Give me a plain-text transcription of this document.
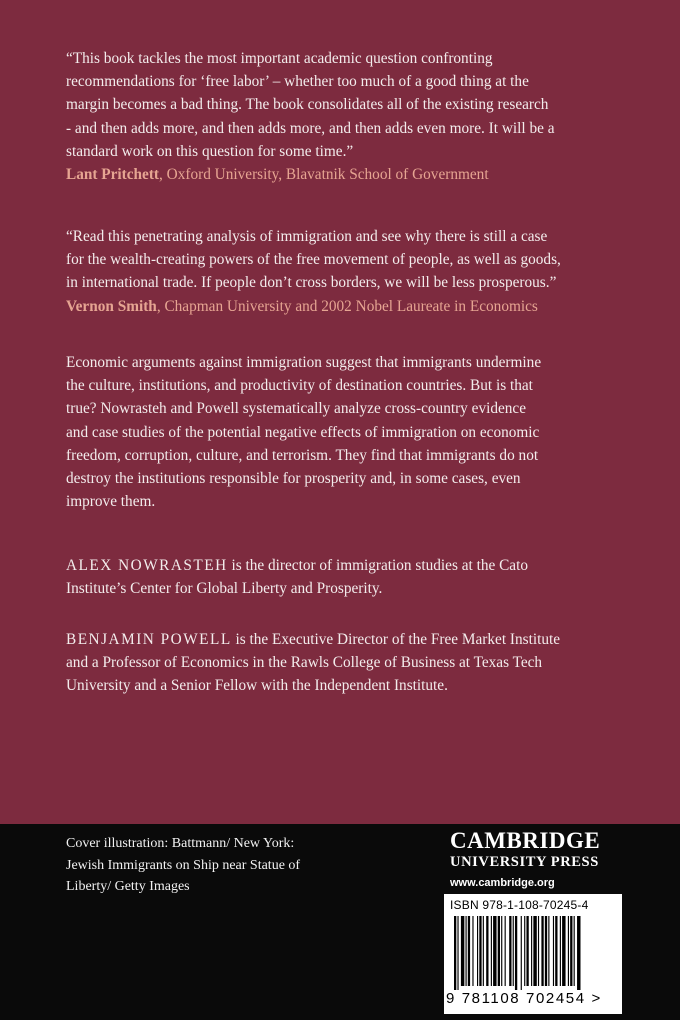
“This book tackles the most important academic question confronting

recommendations for ‘free labor’ – whether too much of a good thing at the

margin becomes a bad thing. The book consolidates all of the existing research

- and then adds more, and then adds more, and then adds even more. It will be a

standard work on this question for some time.”

Lant Pritchett, Oxford University, Blavatnik School of Government

“Read this penetrating analysis of immigration and see why there is still a case

for the wealth-creating powers of the free movement of people, as well as goods,

in international trade. If people don’t cross borders, we will be less prosperous.”

Vernon Smith, Chapman University and 2002 Nobel Laureate in Economics

Economic arguments against immigration suggest that immigrants undermine

the culture, institutions, and productivity of destination countries. But is that

true? Nowrasteh and Powell systematically analyze cross-country evidence

and case studies of the potential negative effects of immigration on economic

freedom, corruption, culture, and terrorism. They find that immigrants do not

destroy the institutions responsible for prosperity and, in some cases, even

improve them.

ALEX NOWRASTEH is the director of immigration studies at the Cato

Institute’s Center for Global Liberty and Prosperity.

BENJAMIN POWELL is the Executive Director of the Free Market Institute

and a Professor of Economics in the Rawls College of Business at Texas Tech

University and a Senior Fellow with the Independent Institute.

Cover illustration: Battmann/ New York:
Jewish Immigrants on Ship near Statue of
Liberty/ Getty Images
CAMBRIDGE
UNIVERSITY PRESS
www.cambridge.org
ISBN 978-1-108-70245-4
9 781108 702454 >
